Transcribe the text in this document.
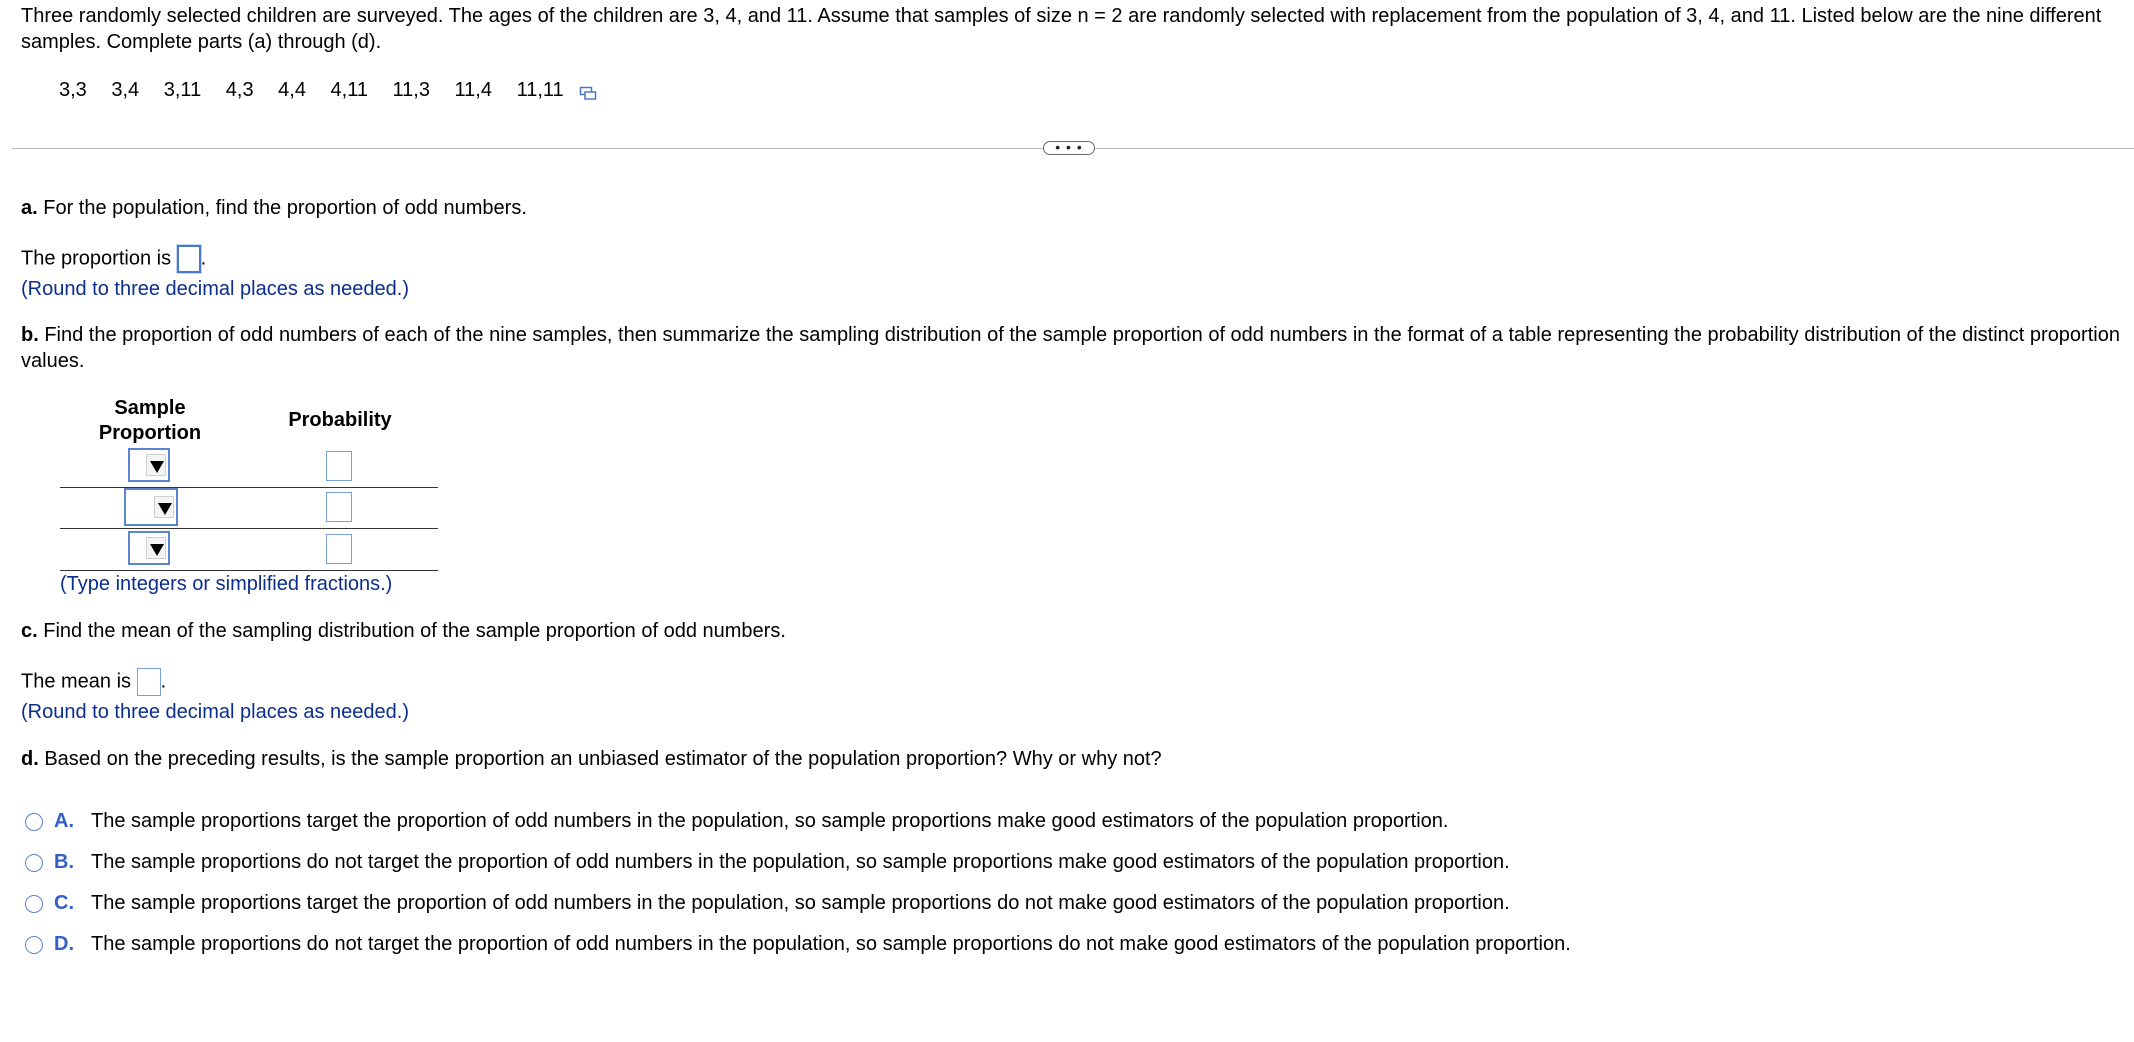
Three randomly selected children are surveyed. The ages of the children are 3, 4, and 11. Assume that samples of size n = 2 are randomly selected with replacement from the population of 3, 4, and 11. Listed below are the nine different samples. Complete parts (a) through (d).
3,3 3,4 3,11 4,3 4,4 4,11 11,3 11,4 11,11
• • •
a. For the population, find the proportion of odd numbers.
The proportion is .
(Round to three decimal places as needed.)
b. Find the proportion of odd numbers of each of the nine samples, then summarize the sampling distribution of the sample proportion of odd numbers in the format of a table representing the probability distribution of the distinct proportion values.
Sample
Proportion
Probability
(Type integers or simplified fractions.)
c. Find the mean of the sampling distribution of the sample proportion of odd numbers.
The mean is .
(Round to three decimal places as needed.)
d. Based on the preceding results, is the sample proportion an unbiased estimator of the population proportion? Why or why not?
A. The sample proportions target the proportion of odd numbers in the population, so sample proportions make good estimators of the population proportion.
B. The sample proportions do not target the proportion of odd numbers in the population, so sample proportions make good estimators of the population proportion.
C. The sample proportions target the proportion of odd numbers in the population, so sample proportions do not make good estimators of the population proportion.
D. The sample proportions do not target the proportion of odd numbers in the population, so sample proportions do not make good estimators of the population proportion.
